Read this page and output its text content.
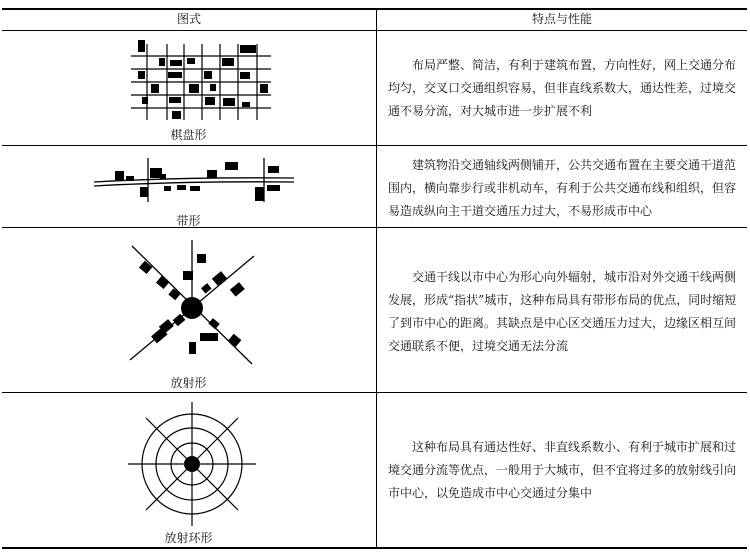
图式	特点与性能
棋盘形
布局严整、简洁，有利于建筑布置，方向性好，网上交通分布均匀，交叉口交通组织容易，但非直线系数大，通达性差，过境交通不易分流，对大城市进一步扩展不利
带形
建筑物沿交通轴线两侧铺开，公共交通布置在主要交通干道范围内，横向靠步行或非机动车，有利于公共交通布线和组织，但容易造成纵向主干道交通压力过大，不易形成市中心
放射形
交通干线以市中心为形心向外辐射，城市沿对外交通干线两侧发展，形成“指状”城市，这种布局具有带形布局的优点，同时缩短了到市中心的距离。其缺点是中心区交通压力过大，边缘区相互间交通联系不便，过境交通无法分流
放射环形
这种布局具有通达性好、非直线系数小、有利于城市扩展和过境交通分流等优点，一般用于大城市，但不宜将过多的放射线引向市中心，以免造成市中心交通过分集中
